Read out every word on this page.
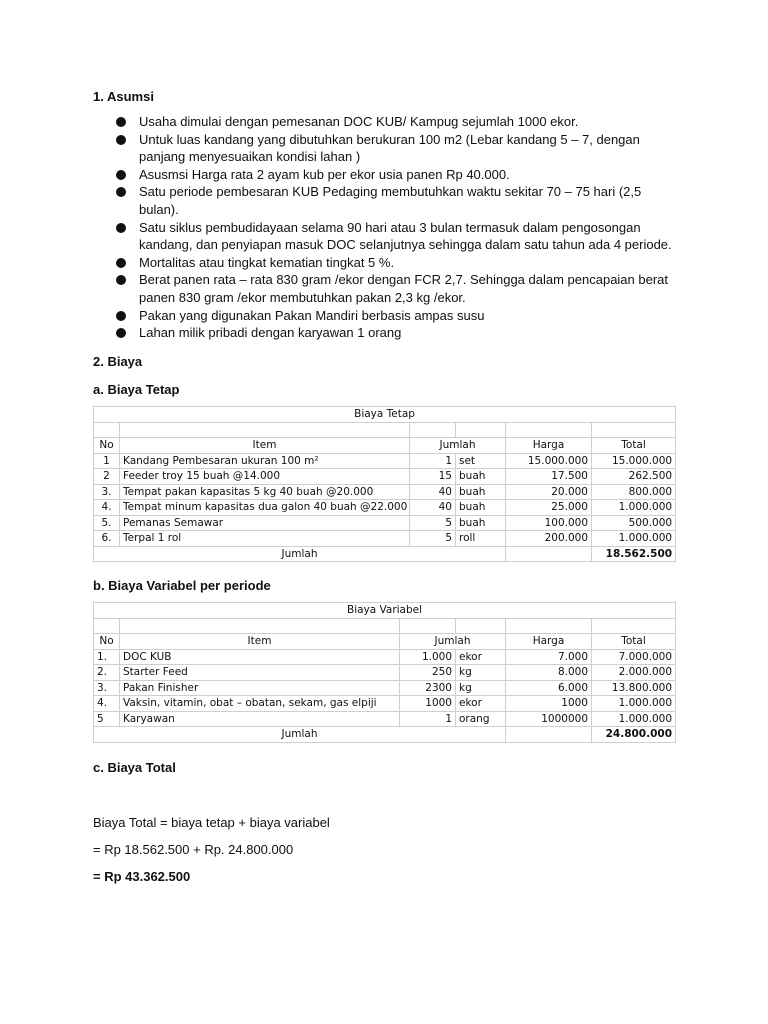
1. Asumsi
Usaha dimulai dengan pemesanan DOC KUB/ Kampug sejumlah 1000 ekor.
Untuk luas kandang yang dibutuhkan berukuran 100 m2 (Lebar kandang 5 – 7, dengan panjang menyesuaikan kondisi lahan )
Asusmsi Harga rata 2 ayam kub per ekor usia panen Rp 40.000.
Satu periode pembesaran KUB Pedaging membutuhkan waktu sekitar 70 – 75 hari (2,5 bulan).
Satu siklus pembudidayaan selama 90 hari atau 3 bulan termasuk dalam pengosongan kandang, dan penyiapan masuk DOC selanjutnya sehingga dalam satu tahun ada 4 periode.
Mortalitas atau tingkat kematian tingkat 5 %.
Berat panen rata – rata 830 gram /ekor dengan FCR 2,7. Sehingga dalam pencapaian berat panen 830 gram /ekor membutuhkan pakan 2,3 kg /ekor.
Pakan yang digunakan Pakan Mandiri berbasis ampas susu
Lahan milik pribadi dengan karyawan 1 orang
2. Biaya
a. Biaya Tetap
Biaya Tetap					

No	Item	Jumlah		Harga	Total
1	Kandang Pembesaran ukuran 100 m²	1	set	15.000.000	15.000.000
2	Feeder troy 15 buah @14.000	15	buah	17.500	262.500
3.	Tempat pakan kapasitas 5 kg 40 buah @20.000	40	buah	20.000	800.000
4.	Tempat minum kapasitas dua galon 40 buah @22.000	40	buah	25.000	1.000.000
5.	Pemanas Semawar	5	buah	100.000	500.000
6.	Terpal 1 rol	5	roll	200.000	1.000.000
Jumlah					18.562.500
b. Biaya Variabel per periode
Biaya Variabel					

No	Item	Jumlah		Harga	Total
1.	DOC KUB	1.000	ekor	7.000	7.000.000
2.	Starter Feed	250	kg	8.000	2.000.000
3.	Pakan Finisher	2300	kg	6.000	13.800.000
4.	Vaksin, vitamin, obat – obatan, sekam, gas elpiji	1000	ekor	1000	1.000.000
5	Karyawan	1	orang	1000000	1.000.000
Jumlah					24.800.000
c. Biaya Total
Biaya Total = biaya tetap + biaya variabel
= Rp 18.562.500 + Rp. 24.800.000
= Rp 43.362.500
